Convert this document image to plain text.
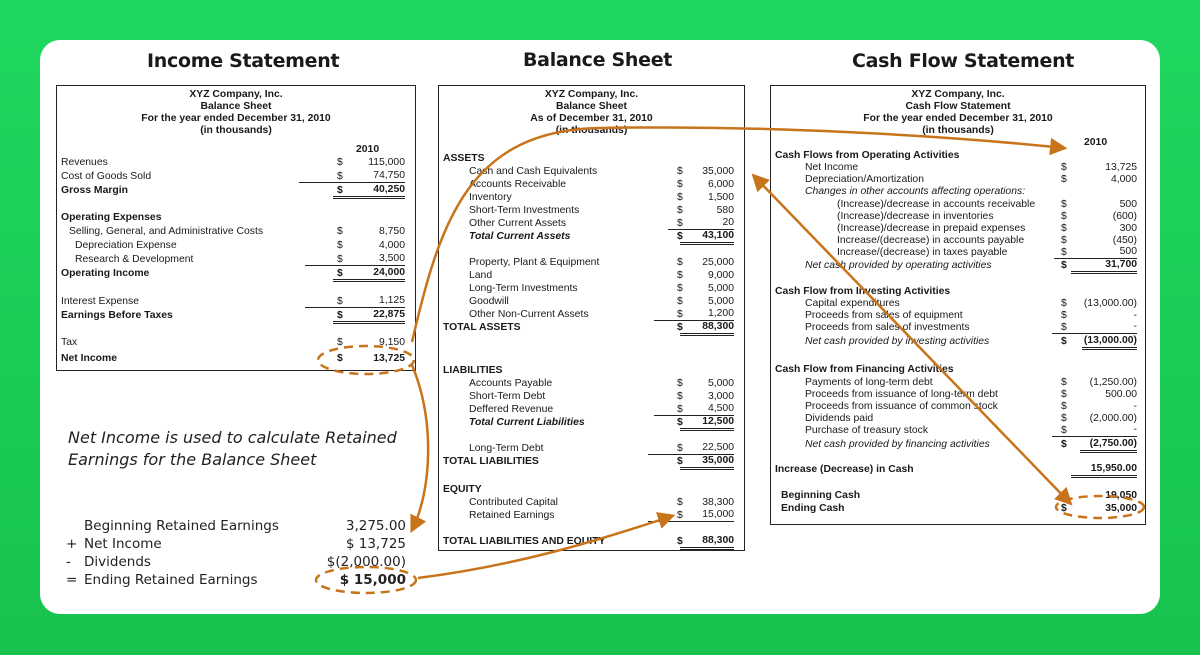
Income Statement	Balance Sheet	Cash Flow Statement
XYZ Company, Inc.
Balance Sheet
For the year ended December 31, 2010
(in thousands)
2010
Revenues	$ 115,000
Cost of Goods Sold	$	74,750
Gross Margin	$	40,250
Operating Expenses
Selling, General, and Administrative Costs	$	8,750
Depreciation Expense	$	4,000
Research & Development	$	3,500
Operating Income	$	24,000
Interest Expense	$	1,125
Earnings Before Taxes	$	22,875
Tax	$	9,150
Net Income	$	13,725
XYZ Company, Inc.
Balance Sheet
As of December 31, 2010
(in thousands)
ASSETS
Cash and Cash Equivalents	$ 35,000
Accounts Receivable	$ 6,000
Inventory	$ 1,500
Short-Term Investments	$	580
Other Current Assets	$	20
Total Current Assets	$	43,100
Property, Plant & Equipment	$ 25,000
Land	$ 9,000
Long-Term Investments	$ 5,000
Goodwill	$ 5,000
Other Non-Current Assets	$	1,200
TOTAL ASSETS	$	88,300
LIABILITIES
Accounts Payable	$ 5,000
Short-Term Debt	$ 3,000
Deffered Revenue	$	4,500
Total Current Liabilities	$	12,500
Long-Term Debt	$	22,500
TOTAL LIABILITIES	$	35,000
EQUITY
Contributed Capital	$ 38,300
Retained Earnings	$	15,000
TOTAL LIABILITIES AND EQUITY	$	88,300
XYZ Company, Inc.
Cash Flow Statement
For the year ended December 31, 2010
(in thousands)
2010
Cash Flows from Operating Activities
Net Income	$	13,725
Depreciation/Amortization	$	4,000
Changes in other accounts affecting operations:
(Increase)/decrease in accounts receivable $	500
(Increase)/decrease in inventories	$	(600)
(Increase)/decrease in prepaid expenses	$	300
Increase/(decrease) in accounts payable	$	(450)
Increase/(decrease) in taxes payable	$	500
Net cash provided by operating activities	$	31,700
Cash Flow from Investing Activities
Capital expenditures	$ (13,000.00)
Proceeds from sales of equipment	$	-
Proceeds from sales of investments	$	-
Net cash provided by investing activities	$ (13,000.00)
Cash Flow from Financing Activities
Payments of long-term debt	$ (1,250.00)
Proceeds from issuance of long-term debt	$	500.00
Proceeds from issuance of common stock	$	-
Dividends paid	$ (2,000.00)
Purchase of treasury stock	$	-
Net cash provided by financing activities	$	(2,750.00)
Increase (Decrease) in Cash	15,950.00
Beginning Cash	19,050
Ending Cash	$	35,000
Net Income is used to calculate Retained
Earnings for the Balance Sheet
Beginning Retained Earnings	3,275.00
+ Net Income	$ 13,725
- Dividends	$(2,000.00)
= Ending Retained Earnings	$ 15,000
